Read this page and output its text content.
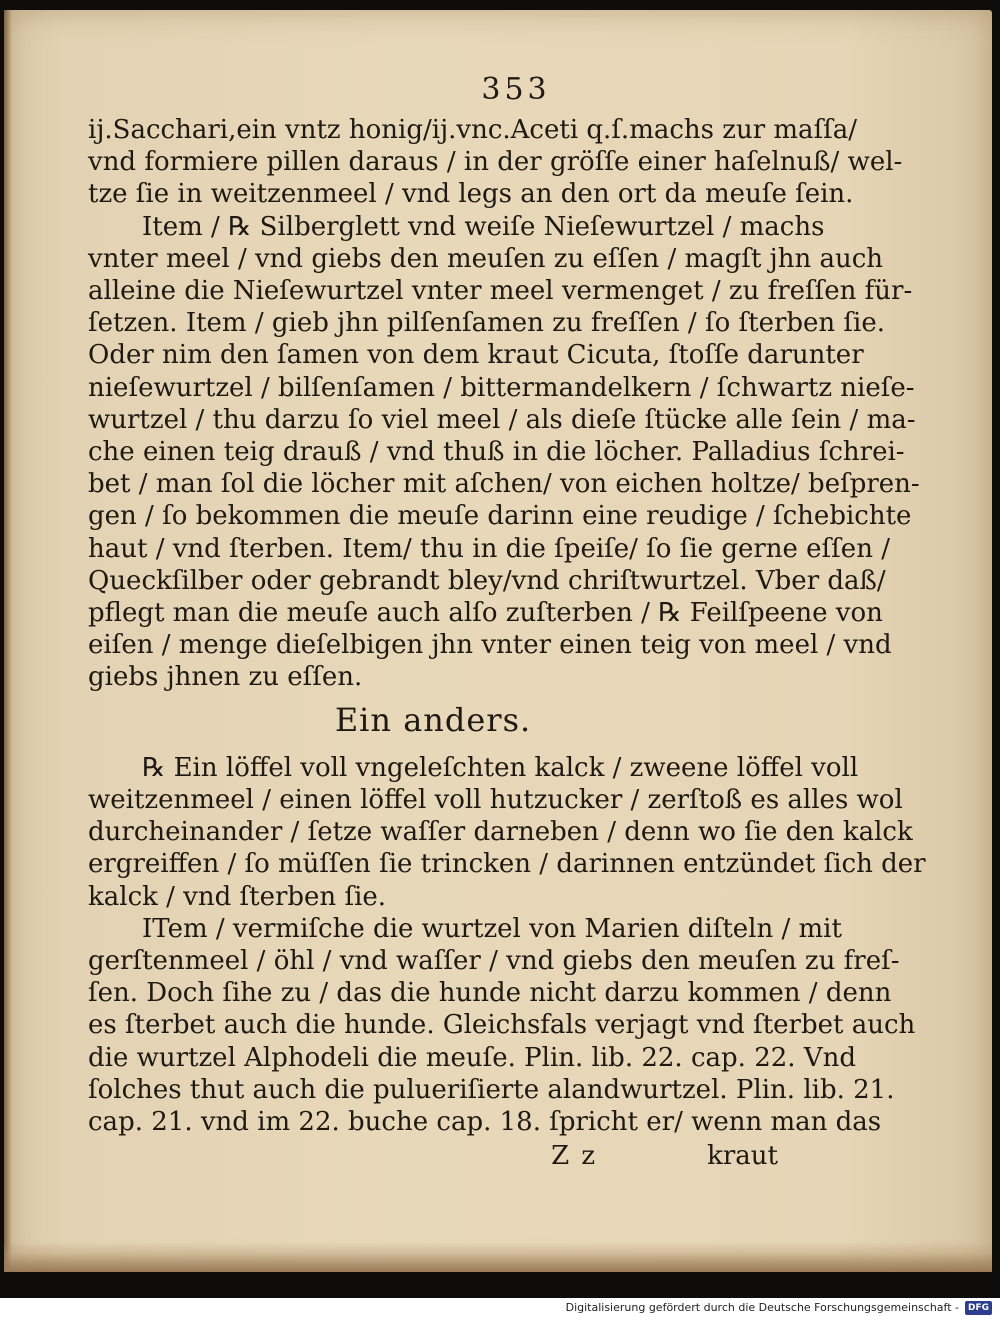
353
ij.Sacchari,ein vntz honig/ij.vnc.Aceti q.ſ.machs zur maſſa/
vnd formiere pillen daraus / in der gröſſe einer haſelnuß/ wel-
tze ſie in weitzenmeel / vnd legs an den ort da meuſe ſein.
Item / ℞ Silberglett vnd weiſe Nieſewurtzel / machs
vnter meel / vnd giebs den meuſen zu eſſen / magſt jhn auch
alleine die Nieſewurtzel vnter meel vermenget / zu freſſen für-
ſetzen. Item / gieb jhn pilſenſamen zu freſſen / ſo ſterben ſie.
Oder nim den ſamen von dem kraut Cicuta, ſtoſſe darunter
nieſewurtzel / bilſenſamen / bittermandelkern / ſchwartz nieſe-
wurtzel / thu darzu ſo viel meel / als dieſe ſtücke alle ſein / ma-
che einen teig drauß / vnd thuß in die löcher. Palladius ſchrei-
bet / man ſol die löcher mit aſchen/ von eichen holtze/ beſpren-
gen / ſo bekommen die meuſe darinn eine reudige / ſchebichte
haut / vnd ſterben. Item/ thu in die ſpeiſe/ ſo ſie gerne eſſen /
Queckſilber oder gebrandt bley/vnd chriſtwurtzel. Vber daß/
pflegt man die meuſe auch alſo zuſterben / ℞ Feilſpeene von
eiſen / menge dieſelbigen jhn vnter einen teig von meel / vnd
giebs jhnen zu eſſen.
Ein anders.
℞ Ein löffel voll vngeleſchten kalck / zweene löffel voll
weitzenmeel / einen löffel voll hutzucker / zerſtoß es alles wol
durcheinander / ſetze waſſer darneben / denn wo ſie den kalck
ergreiffen / ſo müſſen ſie trincken / darinnen entzündet ſich der
kalck / vnd ſterben ſie.
ITem / vermiſche die wurtzel von Marien diſteln / mit
gerſtenmeel / öhl / vnd waſſer / vnd giebs den meuſen zu freſ-
ſen. Doch ſihe zu / das die hunde nicht darzu kommen / denn
es ſterbet auch die hunde. Gleichsfals verjagt vnd ſterbet auch
die wurtzel Alphodeli die meuſe. Plin. lib. 22. cap. 22. Vnd
ſolches thut auch die pulueriſierte alandwurtzel. Plin. lib. 21.
cap. 21. vnd im 22. buche cap. 18. ſpricht er/ wenn man das
Z z	kraut
Digitalisierung gefördert durch die Deutsche Forschungsgemeinschaft -	DFG
